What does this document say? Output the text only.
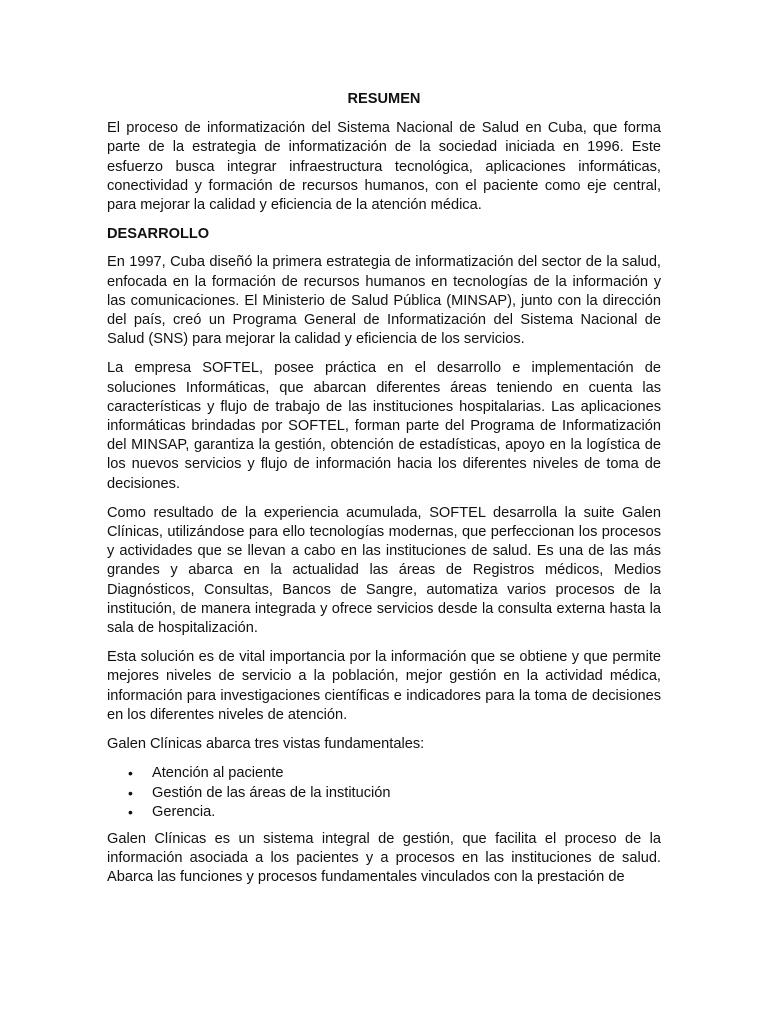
RESUMEN

El proceso de informatización del Sistema Nacional de Salud en Cuba, que forma parte de la estrategia de informatización de la sociedad iniciada en 1996. Este esfuerzo busca integrar infraestructura tecnológica, aplicaciones informáticas, conectividad y formación de recursos humanos, con el paciente como eje central, para mejorar la calidad y eficiencia de la atención médica.

DESARROLLO

En 1997, Cuba diseñó la primera estrategia de informatización del sector de la salud, enfocada en la formación de recursos humanos en tecnologías de la información y las comunicaciones. El Ministerio de Salud Pública (MINSAP), junto con la dirección del país, creó un Programa General de Informatización del Sistema Nacional de Salud (SNS) para mejorar la calidad y eficiencia de los servicios.

La empresa SOFTEL, posee práctica en el desarrollo e implementación de soluciones Informáticas, que abarcan diferentes áreas teniendo en cuenta las características y flujo de trabajo de las instituciones hospitalarias. Las aplicaciones informáticas brindadas por SOFTEL, forman parte del Programa de Informatización del MINSAP, garantiza la gestión, obtención de estadísticas, apoyo en la logística de los nuevos servicios y flujo de información hacia los diferentes niveles de toma de decisiones.

Como resultado de la experiencia acumulada, SOFTEL desarrolla la suite Galen Clínicas, utilizándose para ello tecnologías modernas, que perfeccionan los procesos y actividades que se llevan a cabo en las instituciones de salud. Es una de las más grandes y abarca en la actualidad las áreas de Registros médicos, Medios Diagnósticos, Consultas, Bancos de Sangre, automatiza varios procesos de la institución, de manera integrada y ofrece servicios desde la consulta externa hasta la sala de hospitalización.

Esta solución es de vital importancia por la información que se obtiene y que permite mejores niveles de servicio a la población, mejor gestión en la actividad médica, información para investigaciones científicas e indicadores para la toma de decisiones en los diferentes niveles de atención.

Galen Clínicas abarca tres vistas fundamentales:

• Atención al paciente
• Gestión de las áreas de la institución
• Gerencia.

Galen Clínicas es un sistema integral de gestión, que facilita el proceso de la información asociada a los pacientes y a procesos en las instituciones de salud. Abarca las funciones y procesos fundamentales vinculados con la prestación de
